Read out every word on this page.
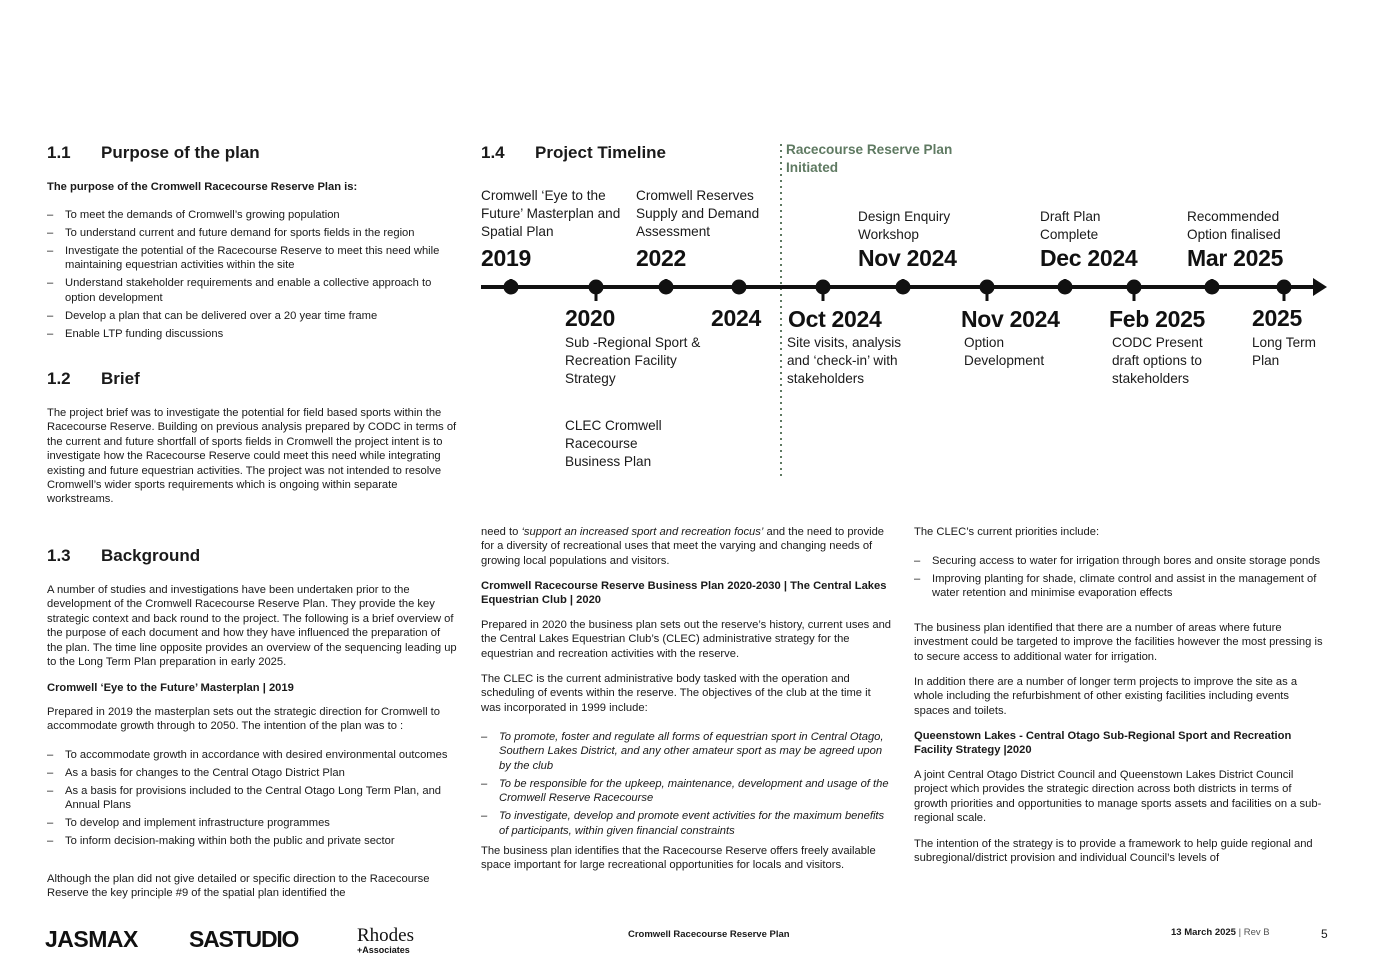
1.1 Purpose of the plan

The purpose of the Cromwell Racecourse Reserve Plan is:

– To meet the demands of Cromwell’s growing population
– To understand current and future demand for sports fields in the region
– Investigate the potential of the Racecourse Reserve to meet this need while maintaining equestrian activities within the site
– Understand stakeholder requirements and enable a collective approach to option development
– Develop a plan that can be delivered over a 20 year time frame
– Enable LTP funding discussions
1.2 Brief

The project brief was to investigate the potential for field based sports within the Racecourse Reserve. Building on previous analysis prepared by CODC in terms of the current and future shortfall of sports fields in Cromwell the project intent is to investigate how the Racecourse Reserve could meet this need while integrating existing and future equestrian activities. The project was not intended to resolve Cromwell’s wider sports requirements which is ongoing within separate workstreams.

1.3 Background

A number of studies and investigations have been undertaken prior to the development of the Cromwell Racecourse Reserve Plan. They provide the key strategic context and back round to the project. The following is a brief overview of the purpose of each document and how they have influenced the preparation of the plan. The time line opposite provides an overview of the sequencing leading up to the Long Term Plan preparation in early 2025.

Cromwell ‘Eye to the Future’ Masterplan | 2019

Prepared in 2019 the masterplan sets out the strategic direction for Cromwell to accommodate growth through to 2050. The intention of the plan was to :

– To accommodate growth in accordance with desired environmental outcomes
– As a basis for changes to the Central Otago District Plan
– As a basis for provisions included to the Central Otago Long Term Plan, and Annual Plans
– To develop and implement infrastructure programmes
– To inform decision-making within both the public and private sector

Although the plan did not give detailed or specific direction to the Racecourse Reserve the key principle #9 of the spatial plan identified the

1.4 Project Timeline	Racecourse Reserve Plan Initiated
Cromwell ‘Eye to the Future’ Masterplan and Spatial Plan
2019
Cromwell Reserves Supply and Demand Assessment
2022
Design Enquiry Workshop
Nov 2024
Draft Plan Complete
Dec 2024
Recommended Option finalised
Mar 2025
2020
Sub -Regional Sport & Recreation Facility Strategy
CLEC Cromwell Racecourse Business Plan
2024 Oct 2024
Site visits, analysis and ‘check-in’ with stakeholders
Nov 2024
Option Development
Feb 2025
CODC Present draft options to stakeholders
2025
Long Term Plan

need to ‘support an increased sport and recreation focus’ and the need to provide for a diversity of recreational uses that meet the varying and changing needs of growing local populations and visitors.

Cromwell Racecourse Reserve Business Plan 2020-2030 | The Central Lakes Equestrian Club | 2020

Prepared in 2020 the business plan sets out the reserve’s history, current uses and the Central Lakes Equestrian Club’s (CLEC) administrative strategy for the equestrian and recreation activities with the reserve.

The CLEC is the current administrative body tasked with the operation and scheduling of events within the reserve. The objectives of the club at the time it was incorporated in 1999 include:

– To promote, foster and regulate all forms of equestrian sport in Central Otago, Southern Lakes District, and any other amateur sport as may be agreed upon by the club
– To be responsible for the upkeep, maintenance, development and usage of the Cromwell Reserve Racecourse
– To investigate, develop and promote event activities for the maximum benefits of participants, within given financial constraints

The business plan identifies that the Racecourse Reserve offers freely available space important for large recreational opportunities for locals and visitors.

The CLEC’s current priorities include:

– Securing access to water for irrigation through bores and onsite storage ponds
– Improving planting for shade, climate control and assist in the management of water retention and minimise evaporation effects

The business plan identified that there are a number of areas where future investment could be targeted to improve the facilities however the most pressing is to secure access to additional water for irrigation.

In addition there are a number of longer term projects to improve the site as a whole including the refurbishment of other existing facilities including events spaces and toilets.

Queenstown Lakes - Central Otago Sub-Regional Sport and Recreation Facility Strategy |2020

A joint Central Otago District Council and Queenstown Lakes District Council project which provides the strategic direction across both districts in terms of growth priorities and opportunities to manage sports assets and facilities on a sub-regional scale.

The intention of the strategy is to provide a framework to help guide regional and subregional/district provision and individual Council’s levels of

JASMAX SASTUDIO	Rhodes
+Associates
Cromwell Racecourse Reserve Plan	13 March 2025 | Rev B	5
